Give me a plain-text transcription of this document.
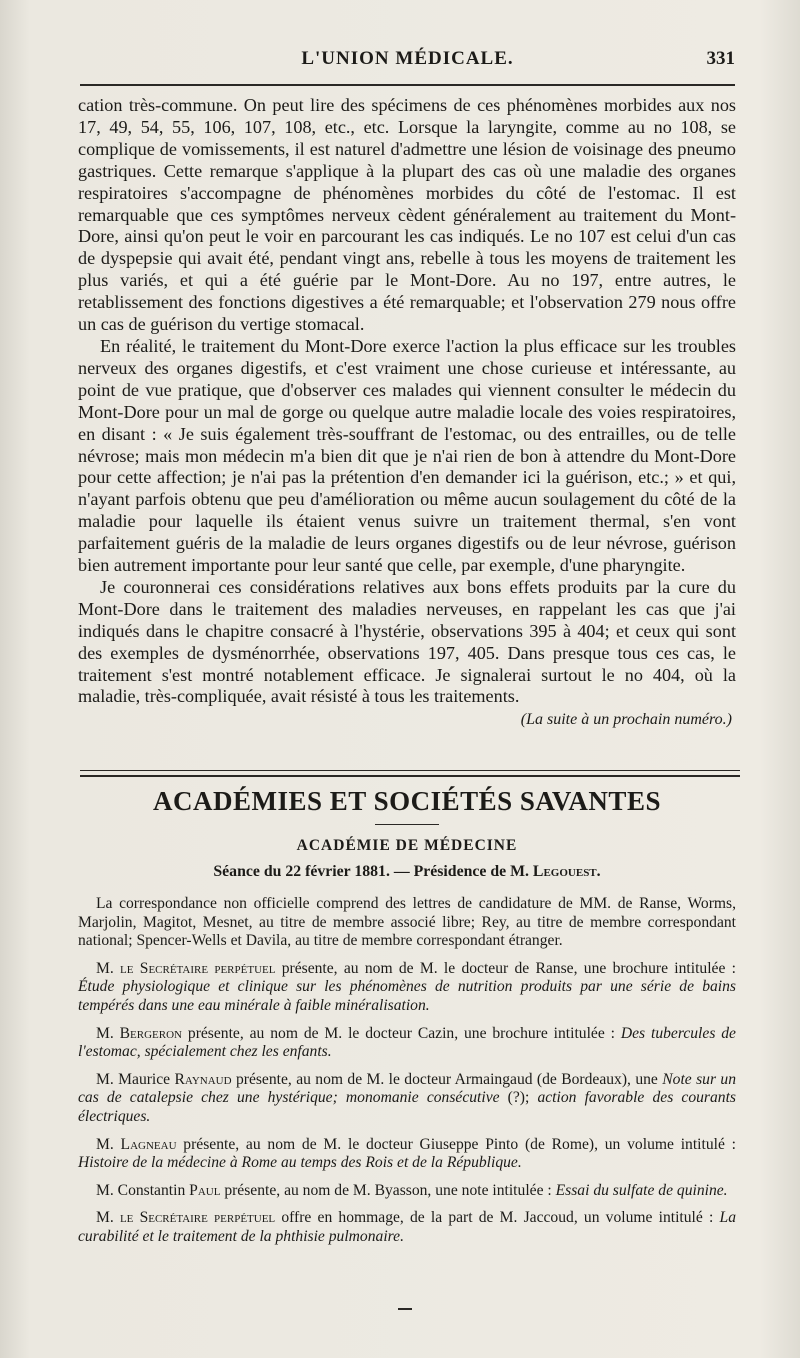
L'UNION MÉDICALE.	331

cation très-commune. On peut lire des spécimens de ces phénomènes morbides aux nos 17, 49, 54, 55, 106, 107, 108, etc., etc. Lorsque la laryngite, comme au no 108, se complique de vomissements, il est naturel d'admettre une lésion de voisinage des pneumo gastriques. Cette remarque s'applique à la plupart des cas où une maladie des organes respiratoires s'accompagne de phénomènes morbides du côté de l'estomac. Il est remarquable que ces symptômes nerveux cèdent généralement au traitement du Mont-Dore, ainsi qu'on peut le voir en parcourant les cas indiqués. Le no 107 est celui d'un cas de dyspepsie qui avait été, pendant vingt ans, rebelle à tous les moyens de traitement les plus variés, et qui a été guérie par le Mont-Dore. Au no 197, entre autres, le retablissement des fonctions digestives a été remarquable; et l'observation 279 nous offre un cas de guérison du vertige stomacal.

En réalité, le traitement du Mont-Dore exerce l'action la plus efficace sur les troubles nerveux des organes digestifs, et c'est vraiment une chose curieuse et intéressante, au point de vue pratique, que d'observer ces malades qui viennent consulter le médecin du Mont-Dore pour un mal de gorge ou quelque autre maladie locale des voies respiratoires, en disant : « Je suis également très-souffrant de l'estomac, ou des entrailles, ou de telle névrose; mais mon médecin m'a bien dit que je n'ai rien de bon à attendre du Mont-Dore pour cette affection; je n'ai pas la prétention d'en demander ici la guérison, etc.; » et qui, n'ayant parfois obtenu que peu d'amélioration ou même aucun soulagement du côté de la maladie pour laquelle ils étaient venus suivre un traitement thermal, s'en vont parfaitement guéris de la maladie de leurs organes digestifs ou de leur névrose, guérison bien autrement importante pour leur santé que celle, par exemple, d'une pharyngite.

Je couronnerai ces considérations relatives aux bons effets produits par la cure du Mont-Dore dans le traitement des maladies nerveuses, en rappelant les cas que j'ai indiqués dans le chapitre consacré à l'hystérie, observations 395 à 404; et ceux qui sont des exemples de dysménorrhée, observations 197, 405. Dans presque tous ces cas, le traitement s'est montré notablement efficace. Je signalerai surtout le no 404, où la maladie, très-compliquée, avait résisté à tous les traitements.

(La suite à un prochain numéro.)
ACADÉMIES ET SOCIÉTÉS SAVANTES
ACADÉMIE DE MÉDECINE
Séance du 22 février 1881. — Présidence de M. Legouest.

La correspondance non officielle comprend des lettres de candidature de MM. de Ranse, Worms, Marjolin, Magitot, Mesnet, au titre de membre associé libre; Rey, au titre de membre correspondant national; Spencer-Wells et Davila, au titre de membre correspondant étranger.

M. le Secrétaire perpétuel présente, au nom de M. le docteur de Ranse, une brochure intitulée : Étude physiologique et clinique sur les phénomènes de nutrition produits par une série de bains tempérés dans une eau minérale à faible minéralisation.

M. Bergeron présente, au nom de M. le docteur Cazin, une brochure intitulée : Des tubercules de l'estomac, spécialement chez les enfants.

M. Maurice Raynaud présente, au nom de M. le docteur Armaingaud (de Bordeaux), une Note sur un cas de catalepsie chez une hystérique; monomanie consécutive (?); action favorable des courants électriques.

M. Lagneau présente, au nom de M. le docteur Giuseppe Pinto (de Rome), un volume intitulé : Histoire de la médecine à Rome au temps des Rois et de la République.

M. Constantin Paul présente, au nom de M. Byasson, une note intitulée : Essai du sulfate de quinine.

M. le Secrétaire perpétuel offre en hommage, de la part de M. Jaccoud, un volume intitulé : La curabilité et le traitement de la phthisie pulmonaire.
